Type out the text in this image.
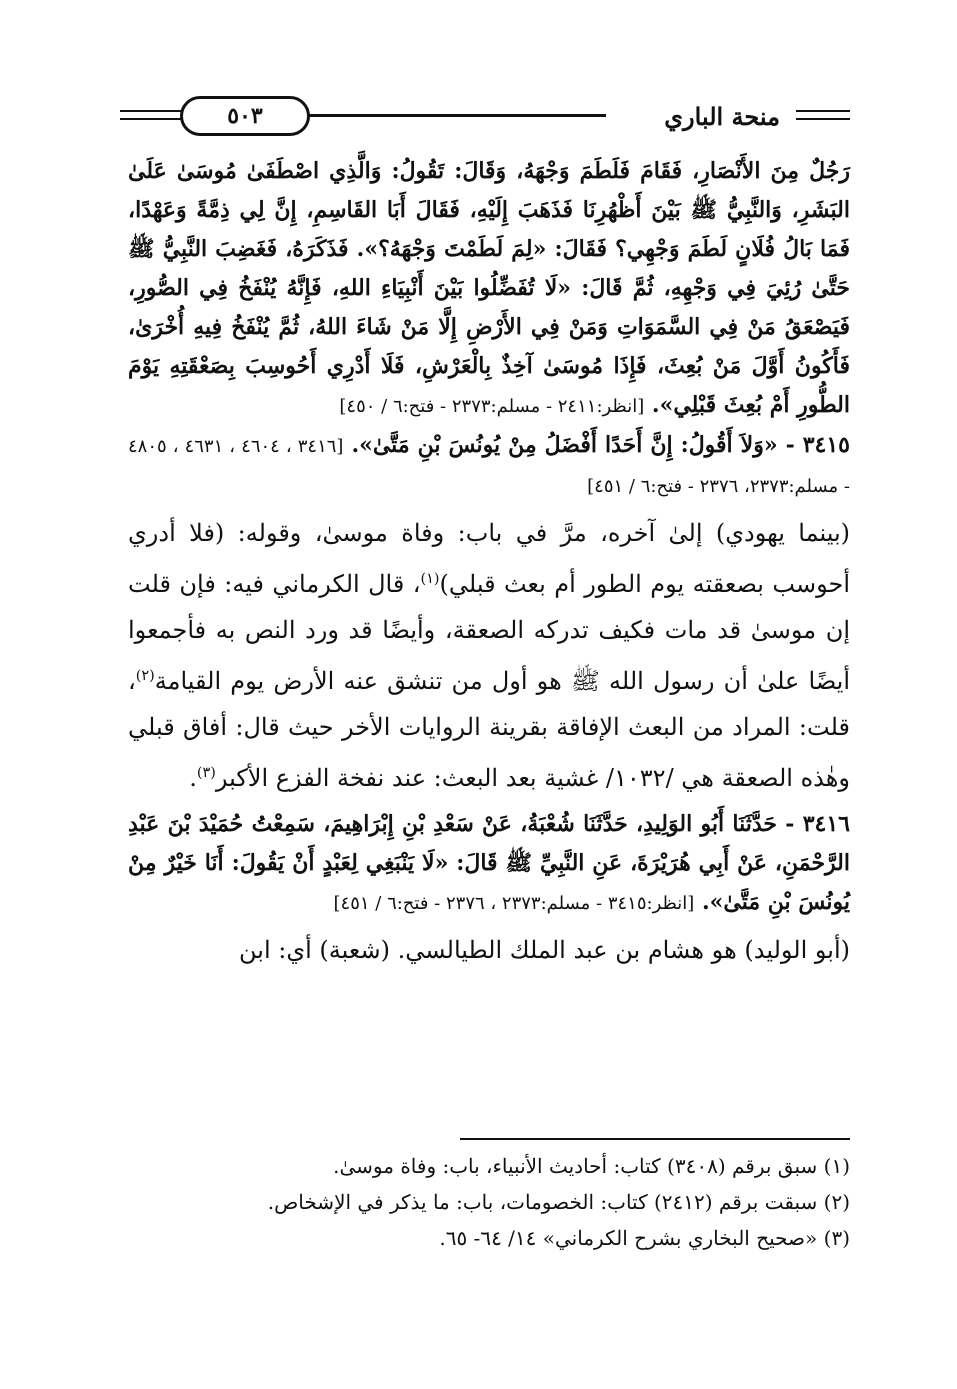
٥٠٣	منحة الباري

رَجُلٌ مِنَ الأَنْصَارِ، فَقَامَ فَلَطَمَ وَجْهَهُ، وَقَالَ: تَقُولُ: وَالَّذِي اصْطَفَىٰ مُوسَىٰ عَلَىٰ البَشَرِ، وَالنَّبِيُّ ﷺ بَيْنَ أَظْهُرِنَا فَذَهَبَ إِلَيْهِ، فَقَالَ أَبَا القَاسِمِ، إِنَّ لِي ذِمَّةً وَعَهْدًا، فَمَا بَالُ فُلَانٍ لَطَمَ وَجْهِي؟ فَقَالَ: «لِمَ لَطَمْتَ وَجْهَهُ؟». فَذَكَرَهُ، فَغَضِبَ النَّبِيُّ ﷺ حَتَّىٰ رُئِيَ فِي وَجْهِهِ، ثُمَّ قَالَ: «لَا تُفَضِّلُوا بَيْنَ أَنْبِيَاءِ اللهِ، فَإِنَّهُ يُنْفَخُ فِي الصُّورِ، فَيَصْعَقُ مَنْ فِي السَّمَوَاتِ وَمَنْ فِي الأَرْضِ إِلَّا مَنْ شَاءَ اللهُ، ثُمَّ يُنْفَخُ فِيهِ أُخْرَىٰ، فَأَكُونُ أَوَّلَ مَنْ بُعِثَ، فَإِذَا مُوسَىٰ آخِذٌ بِالْعَرْشِ، فَلَا أَدْرِي أَحُوسِبَ بِصَعْقَتِهِ يَوْمَ الطُّورِ أَمْ بُعِثَ قَبْلِي». [انظر:٢٤١١ - مسلم:٢٣٧٣ - فتح:٦ / ٤٥٠]

٣٤١٥ - «وَلاَ أَقُولُ: إِنَّ أَحَدًا أَفْضَلُ مِنْ يُونُسَ بْنِ مَتَّىٰ». [٣٤١٦ ، ٤٦٠٤ ، ٤٦٣١ ، ٤٨٠٥ - مسلم:٢٣٧٣، ٢٣٧٦ - فتح:٦ / ٤٥١]

(بينما يهودي) إلىٰ آخره، مرَّ في باب: وفاة موسىٰ، وقوله: (فلا أدري أحوسب بصعقته يوم الطور أم بعث قبلي)$^{(١)}$، قال الكرماني فيه: فإن قلت إن موسىٰ قد مات فكيف تدركه الصعقة، وأيضًا قد ورد النص به فأجمعوا أيضًا علىٰ أن رسول الله ﷺ هو أول من تنشق عنه الأرض يوم القيامة$^{(٢)}$، قلت: المراد من البعث الإفاقة بقرينة الروايات الأخر حيث قال: أفاق قبلي وهٰذه الصعقة هي /١٠٣٢/ غشية بعد البعث: عند نفخة الفزع الأكبر$^{(٣)}$.

٣٤١٦ - حَدَّثَنَا أَبُو الوَلِيدِ، حَدَّثَنَا شُعْبَةُ، عَنْ سَعْدِ بْنِ إِبْرَاهِيمَ، سَمِعْتُ حُمَيْدَ بْنَ عَبْدِ الرَّحْمَنِ، عَنْ أَبِي هُرَيْرَةَ، عَنِ النَّبِيِّ ﷺ قَالَ: «لَا يَنْبَغِي لِعَبْدٍ أَنْ يَقُولَ: أَنَا خَيْرٌ مِنْ يُونُسَ بْنِ مَتَّىٰ». [انظر:٣٤١٥ - مسلم:٢٣٧٣ ، ٢٣٧٦ - فتح:٦ / ٤٥١]

(أبو الوليد) هو هشام بن عبد الملك الطيالسي. (شعبة) أي: ابن

(١) سبق برقم (٣٤٠٨) كتاب: أحاديث الأنبياء، باب: وفاة موسىٰ.

(٢) سبقت برقم (٢٤١٢) كتاب: الخصومات، باب: ما يذكر في الإشخاص.

(٣) «صحيح البخاري بشرح الكرماني» ١٤/ ٦٤- ٦٥.
